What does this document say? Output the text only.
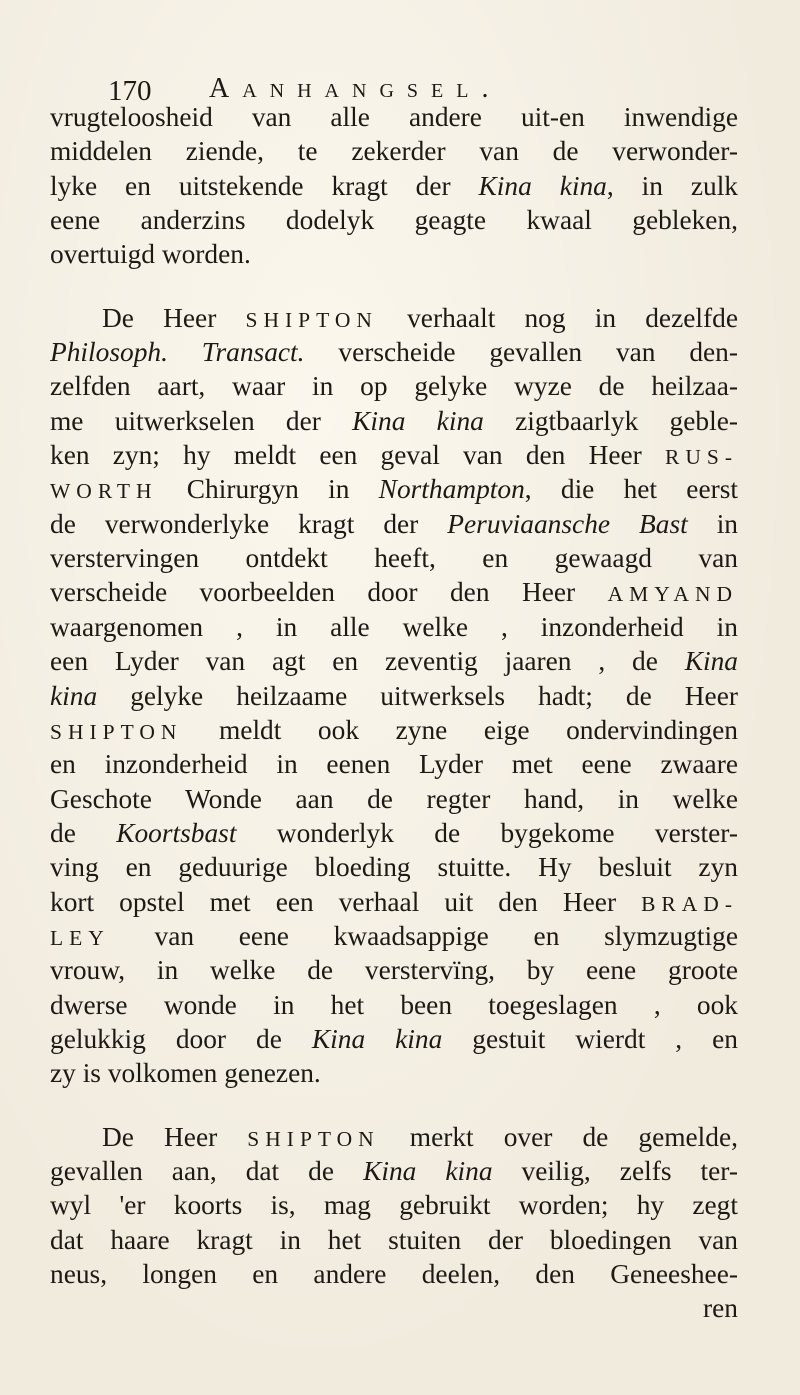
170 Aanhangsel.
vrugteloosheid van alle andere uit-en inwendige
middelen ziende, te zekerder van de verwonder-
lyke en uitstekende kragt der Kina kina, in zulk
eene anderzins dodelyk geagte kwaal gebleken,
overtuigd worden.
De Heer SHIPTON verhaalt nog in dezelfde
Philosoph. Transact. verscheide gevallen van den-
zelfden aart, waar in op gelyke wyze de heilzaa-
me uitwerkselen der Kina kina zigtbaarlyk geble-
ken zyn; hy meldt een geval van den Heer RUS-
WORTH Chirurgyn in Northampton, die het eerst
de verwonderlyke kragt der Peruviaansche Bast in
verstervingen ontdekt heeft, en gewaagd van
verscheide voorbeelden door den Heer AMYAND
waargenomen , in alle welke , inzonderheid in
een Lyder van agt en zeventig jaaren , de Kina
kina gelyke heilzaame uitwerksels hadt; de Heer
SHIPTON meldt ook zyne eige ondervindingen
en inzonderheid in eenen Lyder met eene zwaare
Geschote Wonde aan de regter hand, in welke
de Koortsbast wonderlyk de bygekome verster-
ving en geduurige bloeding stuitte. Hy besluit zyn
kort opstel met een verhaal uit den Heer BRAD-
LEY van eene kwaadsappige en slymzugtige
vrouw, in welke de verstervïng, by eene groote
dwerse wonde in het been toegeslagen , ook
gelukkig door de Kina kina gestuit wierdt , en
zy is volkomen genezen.
De Heer SHIPTON merkt over de gemelde,
gevallen aan, dat de Kina kina veilig, zelfs ter-
wyl 'er koorts is, mag gebruikt worden; hy zegt
dat haare kragt in het stuiten der bloedingen van
neus, longen en andere deelen, den Geneeshee-
ren
